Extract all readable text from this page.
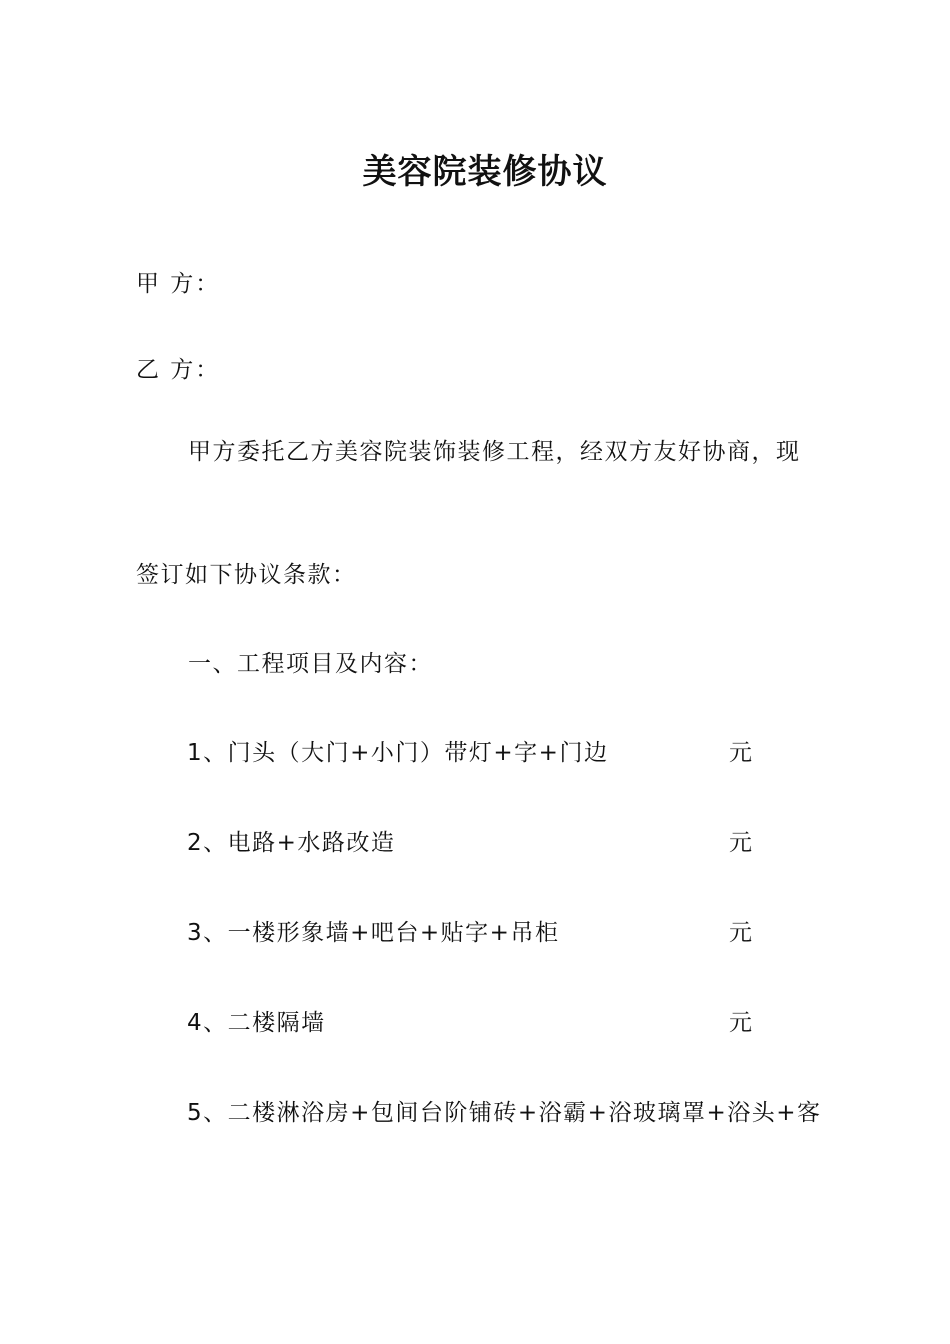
美容院装修协议
甲 方：
乙 方：
甲方委托乙方美容院装饰装修工程，经双方友好协商，现
签订如下协议条款：
一、工程项目及内容：
1、门头（大门+小门）带灯+字+门边	元
2、电路+水路改造	元
3、一楼形象墙+吧台+贴字+吊柜	元
4、二楼隔墙	元
5、二楼淋浴房+包间台阶铺砖+浴霸+浴玻璃罩+浴头+客
